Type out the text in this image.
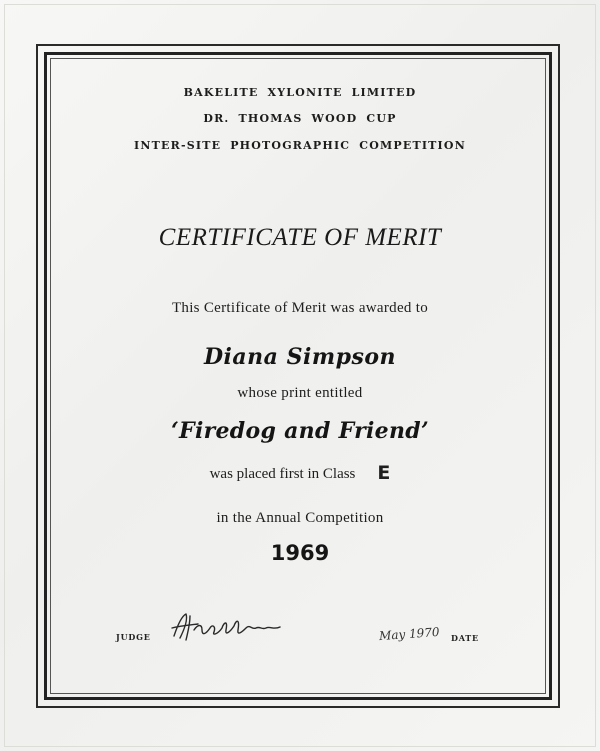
BAKELITE XYLONITE LIMITED
DR. THOMAS WOOD CUP
INTER-SITE PHOTOGRAPHIC COMPETITION
CERTIFICATE OF MERIT
This Certificate of Merit was awarded to
Diana Simpson
whose print entitled
‘Firedog and Friend’
was placed first in Class E
in the Annual Competition
1969
JUDGE	May 1970 DATE
